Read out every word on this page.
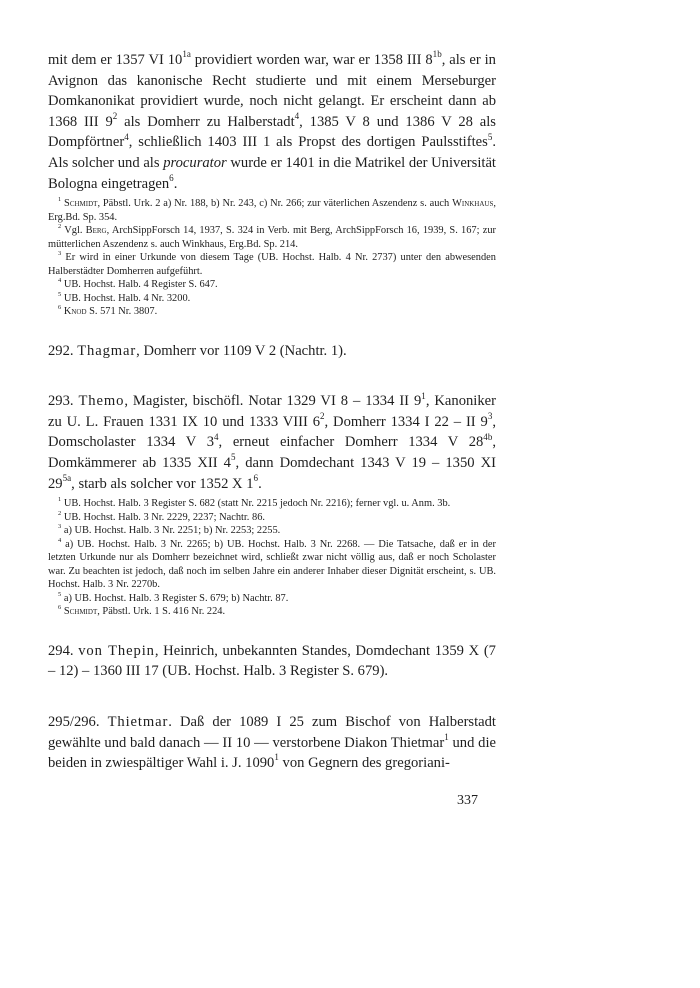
mit dem er 1357 VI $10^{1a}$ providiert worden war, war er 1358 III $8^{1b}$, als er in Avignon das kanonische Recht studierte und mit einem Merseburger Domkanonikat providiert wurde, noch nicht gelangt. Er erscheint dann ab 1368 III $9^2$ als Domherr zu Halberstadt$^4$, 1385 V 8 und 1386 V 28 als Dompförtner$^4$, schließlich 1403 III 1 als Propst des dortigen Paulsstiftes$^5$. Als solcher und als procurator wurde er 1401 in die Matrikel der Universität Bologna eingetragen$^6$.

$^1$ Schmidt, Päbstl. Urk. 2 a) Nr. 188, b) Nr. 243, c) Nr. 266; zur väterlichen Aszendenz s. auch Winkhaus, Erg.Bd. Sp. 354.

$^2$ Vgl. Berg, ArchSippForsch 14, 1937, S. 324 in Verb. mit Berg, ArchSippForsch 16, 1939, S. 167; zur mütterlichen Aszendenz s. auch Winkhaus, Erg.Bd. Sp. 214.

$^3$ Er wird in einer Urkunde von diesem Tage (UB. Hochst. Halb. 4 Nr. 2737) unter den abwesenden Halberstädter Domherren aufgeführt.

$^4$ UB. Hochst. Halb. 4 Register S. 647.

$^5$ UB. Hochst. Halb. 4 Nr. 3200.

$^6$ Knod S. 571 Nr. 3807.

292. Thagmar, Domherr vor 1109 V 2 (Nachtr. 1).

293. Themo, Magister, bischöfl. Notar 1329 VI 8 – 1334 II $9^1$, Kanoniker zu U. L. Frauen 1331 IX 10 und 1333 VIII $6^2$, Domherr 1334 I 22 – II $9^3$, Domscholaster 1334 V $3^4$, erneut einfacher Domherr 1334 V $28^{4b}$, Domkämmerer ab 1335 XII $4^5$, dann Domdechant 1343 V 19 – 1350 XI $29^{5a}$, starb als solcher vor 1352 X $1^6$.

$^1$ UB. Hochst. Halb. 3 Register S. 682 (statt Nr. 2215 jedoch Nr. 2216); ferner vgl. u. Anm. 3b.

$^2$ UB. Hochst. Halb. 3 Nr. 2229, 2237; Nachtr. 86.

$^3$ a) UB. Hochst. Halb. 3 Nr. 2251; b) Nr. 2253; 2255.

$^4$ a) UB. Hochst. Halb. 3 Nr. 2265; b) UB. Hochst. Halb. 3 Nr. 2268. — Die Tatsache, daß er in der letzten Urkunde nur als Domherr bezeichnet wird, schließt zwar nicht völlig aus, daß er noch Scholaster war. Zu beachten ist jedoch, daß noch im selben Jahre ein anderer Inhaber dieser Dignität erscheint, s. UB. Hochst. Halb. 3 Nr. 2270b.

$^5$ a) UB. Hochst. Halb. 3 Register S. 679; b) Nachtr. 87.

$^6$ Schmidt, Päbstl. Urk. 1 S. 416 Nr. 224.

294. von Thepin, Heinrich, unbekannten Standes, Domdechant 1359 X (7 – 12) – 1360 III 17 (UB. Hochst. Halb. 3 Register S. 679).

295/296. Thietmar. Daß der 1089 I 25 zum Bischof von Halberstadt gewählte und bald danach — II 10 — verstorbene Diakon Thietmar$^1$ und die beiden in zwiespältiger Wahl i. J. 1090$^1$ von Gegnern des gregoriani-

337
